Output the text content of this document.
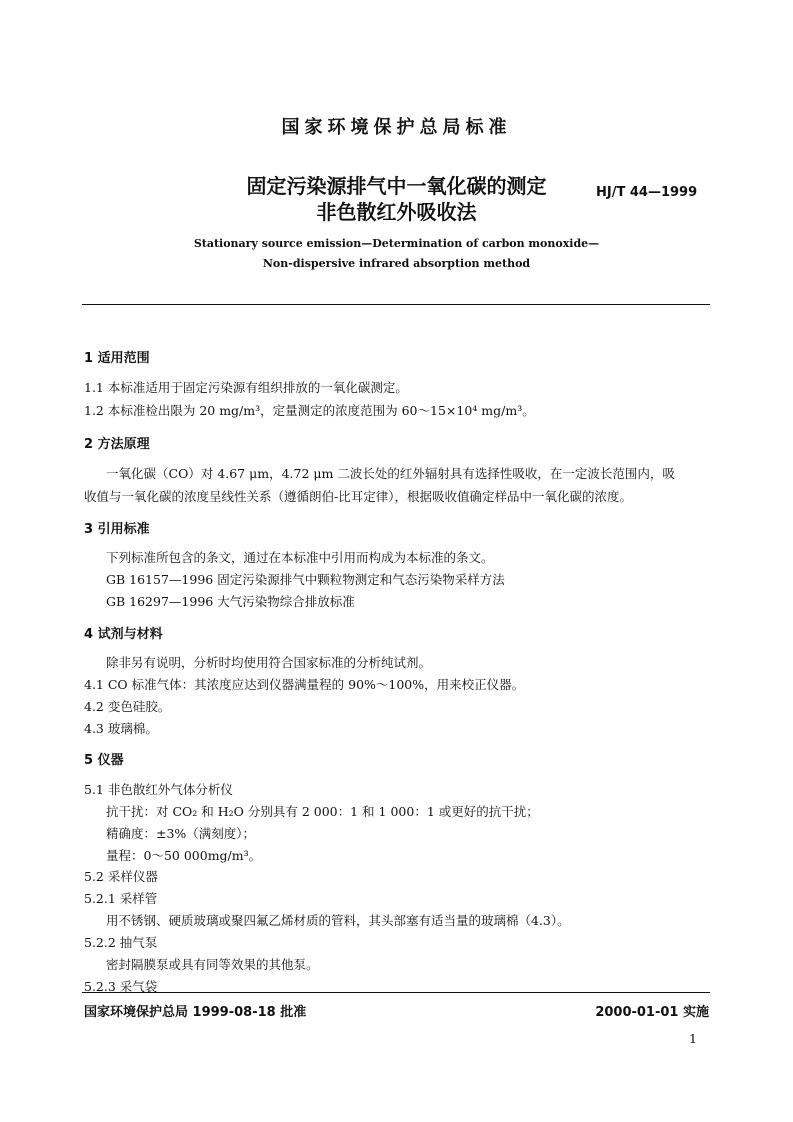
国家环境保护总局标准
固定污染源排气中一氧化碳的测定
非色散红外吸收法
HJ/T 44—1999
Stationary source emission—Determination of carbon monoxide—
Non-dispersive infrared absorption method
1 适用范围
1.1 本标准适用于固定污染源有组织排放的一氧化碳测定。
1.2 本标准检出限为 20 mg/m³，定量测定的浓度范围为 60～15×10⁴ mg/m³。
2 方法原理
一氧化碳（CO）对 4.67 μm，4.72 μm 二波长处的红外辐射具有选择性吸收，在一定波长范围内，吸
收值与一氧化碳的浓度呈线性关系（遵循朗伯-比耳定律），根据吸收值确定样品中一氧化碳的浓度。
3 引用标准
下列标准所包含的条文，通过在本标准中引用而构成为本标准的条文。
GB 16157—1996 固定污染源排气中颗粒物测定和气态污染物采样方法
GB 16297—1996 大气污染物综合排放标准
4 试剂与材料
除非另有说明，分析时均使用符合国家标准的分析纯试剂。
4.1 CO 标准气体：其浓度应达到仪器满量程的 90%～100%，用来校正仪器。
4.2 变色硅胶。
4.3 玻璃棉。
5 仪器
5.1 非色散红外气体分析仪
抗干扰：对 CO₂ 和 H₂O 分别具有 2 000：1 和 1 000：1 或更好的抗干扰；
精确度：±3%（满刻度）；
量程：0～50 000mg/m³。
5.2 采样仪器
5.2.1 采样管
用不锈钢、硬质玻璃或聚四氟乙烯材质的管料，其头部塞有适当量的玻璃棉（4.3）。
5.2.2 抽气泵
密封隔膜泵或具有同等效果的其他泵。
5.2.3 采气袋
国家环境保护总局 1999-08-18 批准	2000-01-01 实施
1
